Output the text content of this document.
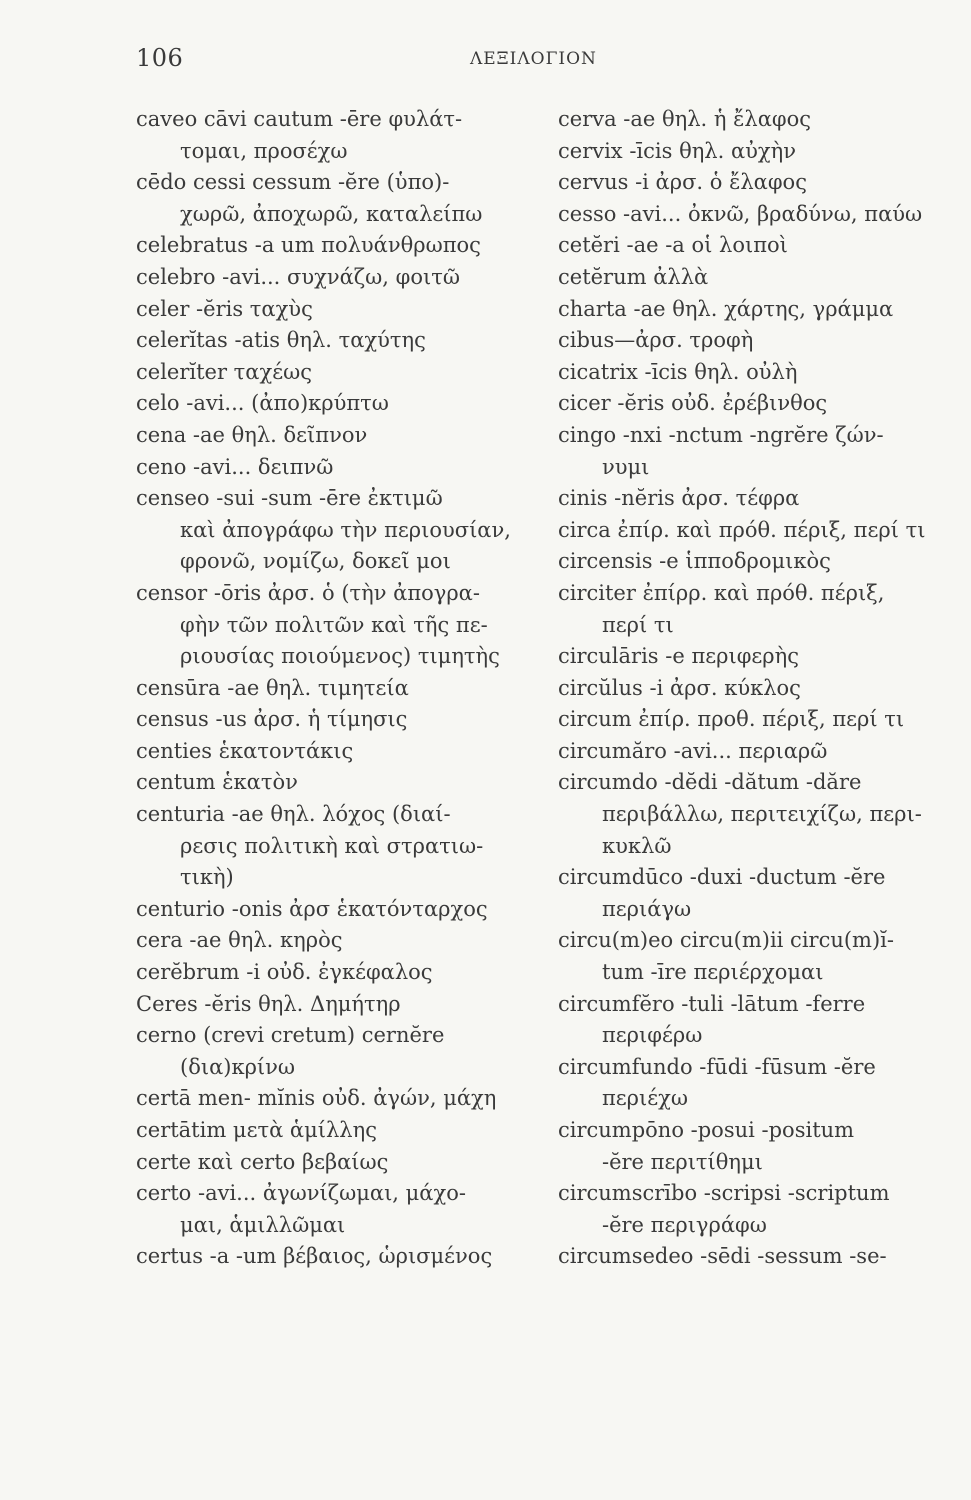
106	ΛΕΞΙΛΟΓΙΟΝ
caveo cāvi cautum -ēre φυλάτ-
τομαι, προσέχω
cēdo cessi cessum -ĕre (ὑπο)-
χωρῶ, ἀποχωρῶ, καταλείπω
celebratus -a um πολυάνθρωπος
celebro -avi... συχνάζω, φοιτῶ
celer -ĕris ταχὺς
celerĭtas -atis θηλ. ταχύτης
celerĭter ταχέως
celo -avi... (ἀπο)κρύπτω
cena -ae θηλ. δεῖπνον
ceno -avi... δειπνῶ
censeo -sui -sum -ēre ἐκτιμῶ
καὶ ἀπογράφω τὴν περιουσίαν,
φρονῶ, νομίζω, δοκεῖ μοι
censor -ōris ἀρσ. ὁ (τὴν ἀπογρα-
φὴν τῶν πολιτῶν καὶ τῆς πε-
ριουσίας ποιούμενος) τιμητὴς
censūra -ae θηλ. τιμητεία
census -us ἀρσ. ἡ τίμησις
centies ἑκατοντάκις
centum ἑκατὸν
centuria -ae θηλ. λόχος (διαί-
ρεσις πολιτικὴ καὶ στρατιω-
τικὴ)
centurio -onis ἀρσ ἑκατόνταρχος
cera -ae θηλ. κηρὸς
cerĕbrum -i οὐδ. ἐγκέφαλος
Ceres -ĕris θηλ. Δημήτηρ
cerno (crevi cretum) cernĕre
(δια)κρίνω
certā men- mĭnis οὐδ. ἀγών, μάχη
certātim μετὰ ἁμίλλης
certe καὶ certo βεβαίως
certo -avi... ἀγωνίζωμαι, μάχο-
μαι, ἁμιλλῶμαι
certus -a -um βέβαιος, ὡρισμένος
cerva -ae θηλ. ἡ ἔλαφος
cervix -īcis θηλ. αὐχὴν
cervus -i ἀρσ. ὁ ἔλαφος
cesso -avi... ὀκνῶ, βραδύνω, παύω
cetĕri -ae -a οἱ λοιποὶ
cetĕrum ἀλλὰ
charta -ae θηλ. χάρτης, γράμμα
cibus—ἀρσ. τροφὴ
cicatrix -īcis θηλ. οὐλὴ
cicer -ĕris οὐδ. ἐρέβινθος
cingo -nxi -nctum -ngrĕre ζών-
νυμι
cinis -nĕris ἀρσ. τέφρα
circa ἐπίρ. καὶ πρόθ. πέριξ, περί τι
circensis -e ἱπποδρομικὸς
circiter ἐπίρρ. καὶ πρόθ. πέριξ,
περί τι
circulāris -e περιφερὴς
circŭlus -i ἀρσ. κύκλος
circum ἐπίρ. προθ. πέριξ, περί τι
circumăro -avi... περιαρῶ
circumdo -dĕdi -dătum -dăre
περιβάλλω, περιτειχίζω, περι-
κυκλῶ
circumdūco -duxi -ductum -ĕre
περιάγω
circu(m)eo circu(m)ii circu(m)ĭ-
tum -īre περιέρχομαι
circumfĕro -tuli -lātum -ferre
περιφέρω
circumfundo -fūdi -fūsum -ĕre
περιέχω
circumpōno -posui -positum
-ĕre περιτίθημι
circumscrībo -scripsi -scriptum
-ĕre περιγράφω
circumsedeo -sēdi -sessum -se-
